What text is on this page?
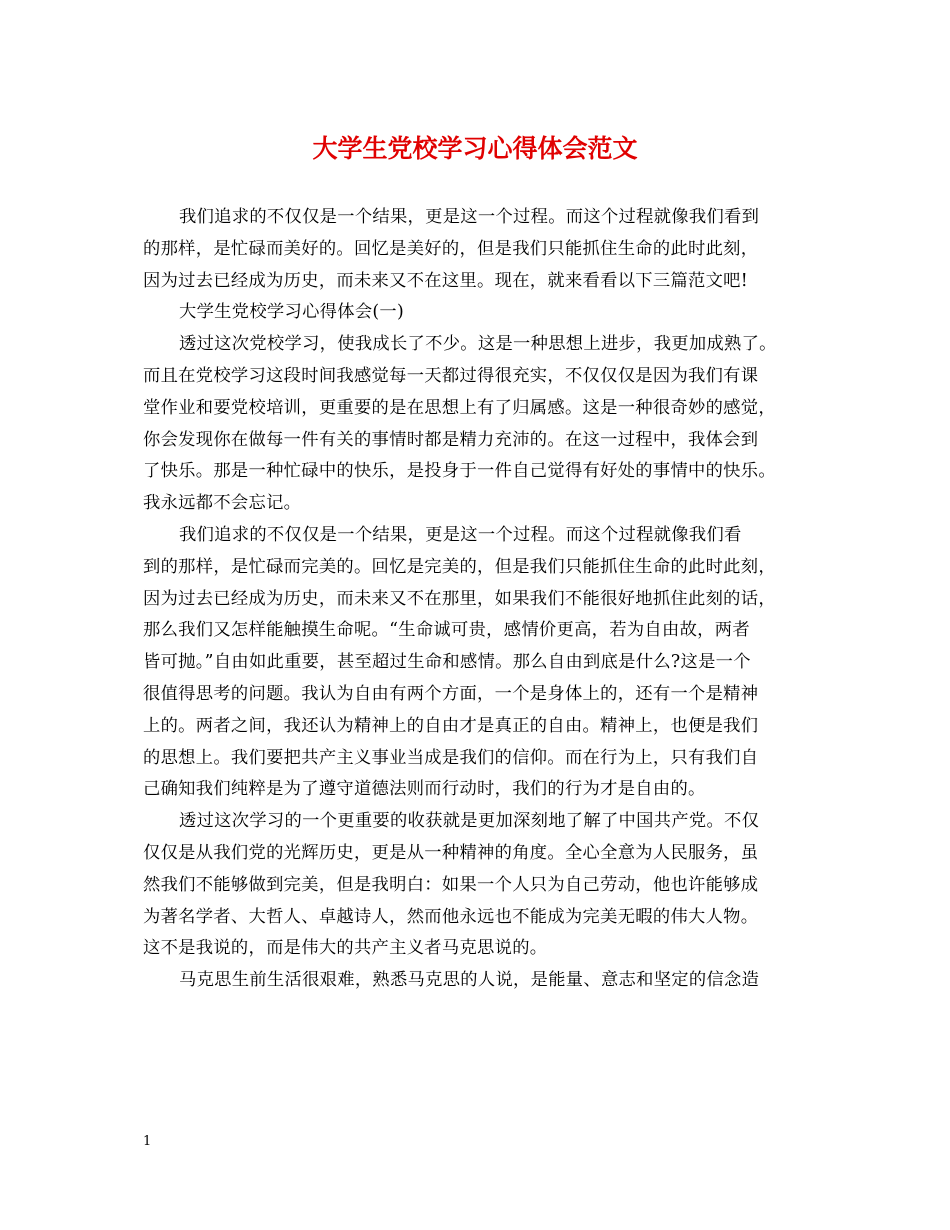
大学生党校学习心得体会范文
我们追求的不仅仅是一个结果，更是这一个过程。而这个过程就像我们看到
的那样，是忙碌而美好的。回忆是美好的，但是我们只能抓住生命的此时此刻，
因为过去已经成为历史，而未来又不在这里。现在，就来看看以下三篇范文吧!
大学生党校学习心得体会(一)
透过这次党校学习，使我成长了不少。这是一种思想上进步，我更加成熟了。
而且在党校学习这段时间我感觉每一天都过得很充实，不仅仅仅是因为我们有课
堂作业和要党校培训，更重要的是在思想上有了归属感。这是一种很奇妙的感觉，
你会发现你在做每一件有关的事情时都是精力充沛的。在这一过程中，我体会到
了快乐。那是一种忙碌中的快乐，是投身于一件自己觉得有好处的事情中的快乐。
我永远都不会忘记。
我们追求的不仅仅是一个结果，更是这一个过程。而这个过程就像我们看
到的那样，是忙碌而完美的。回忆是完美的，但是我们只能抓住生命的此时此刻，
因为过去已经成为历史，而未来又不在那里，如果我们不能很好地抓住此刻的话，
那么我们又怎样能触摸生命呢。“生命诚可贵，感情价更高，若为自由故，两者
皆可抛。”自由如此重要，甚至超过生命和感情。那么自由到底是什么?这是一个
很值得思考的问题。我认为自由有两个方面，一个是身体上的，还有一个是精神
上的。两者之间，我还认为精神上的自由才是真正的自由。精神上，也便是我们
的思想上。我们要把共产主义事业当成是我们的信仰。而在行为上，只有我们自
己确知我们纯粹是为了遵守道德法则而行动时，我们的行为才是自由的。
透过这次学习的一个更重要的收获就是更加深刻地了解了中国共产党。不仅
仅仅是从我们党的光辉历史，更是从一种精神的角度。全心全意为人民服务，虽
然我们不能够做到完美，但是我明白：如果一个人只为自己劳动，他也许能够成
为著名学者、大哲人、卓越诗人，然而他永远也不能成为完美无暇的伟大人物。
这不是我说的，而是伟大的共产主义者马克思说的。
马克思生前生活很艰难，熟悉马克思的人说，是能量、意志和坚定的信念造
1
